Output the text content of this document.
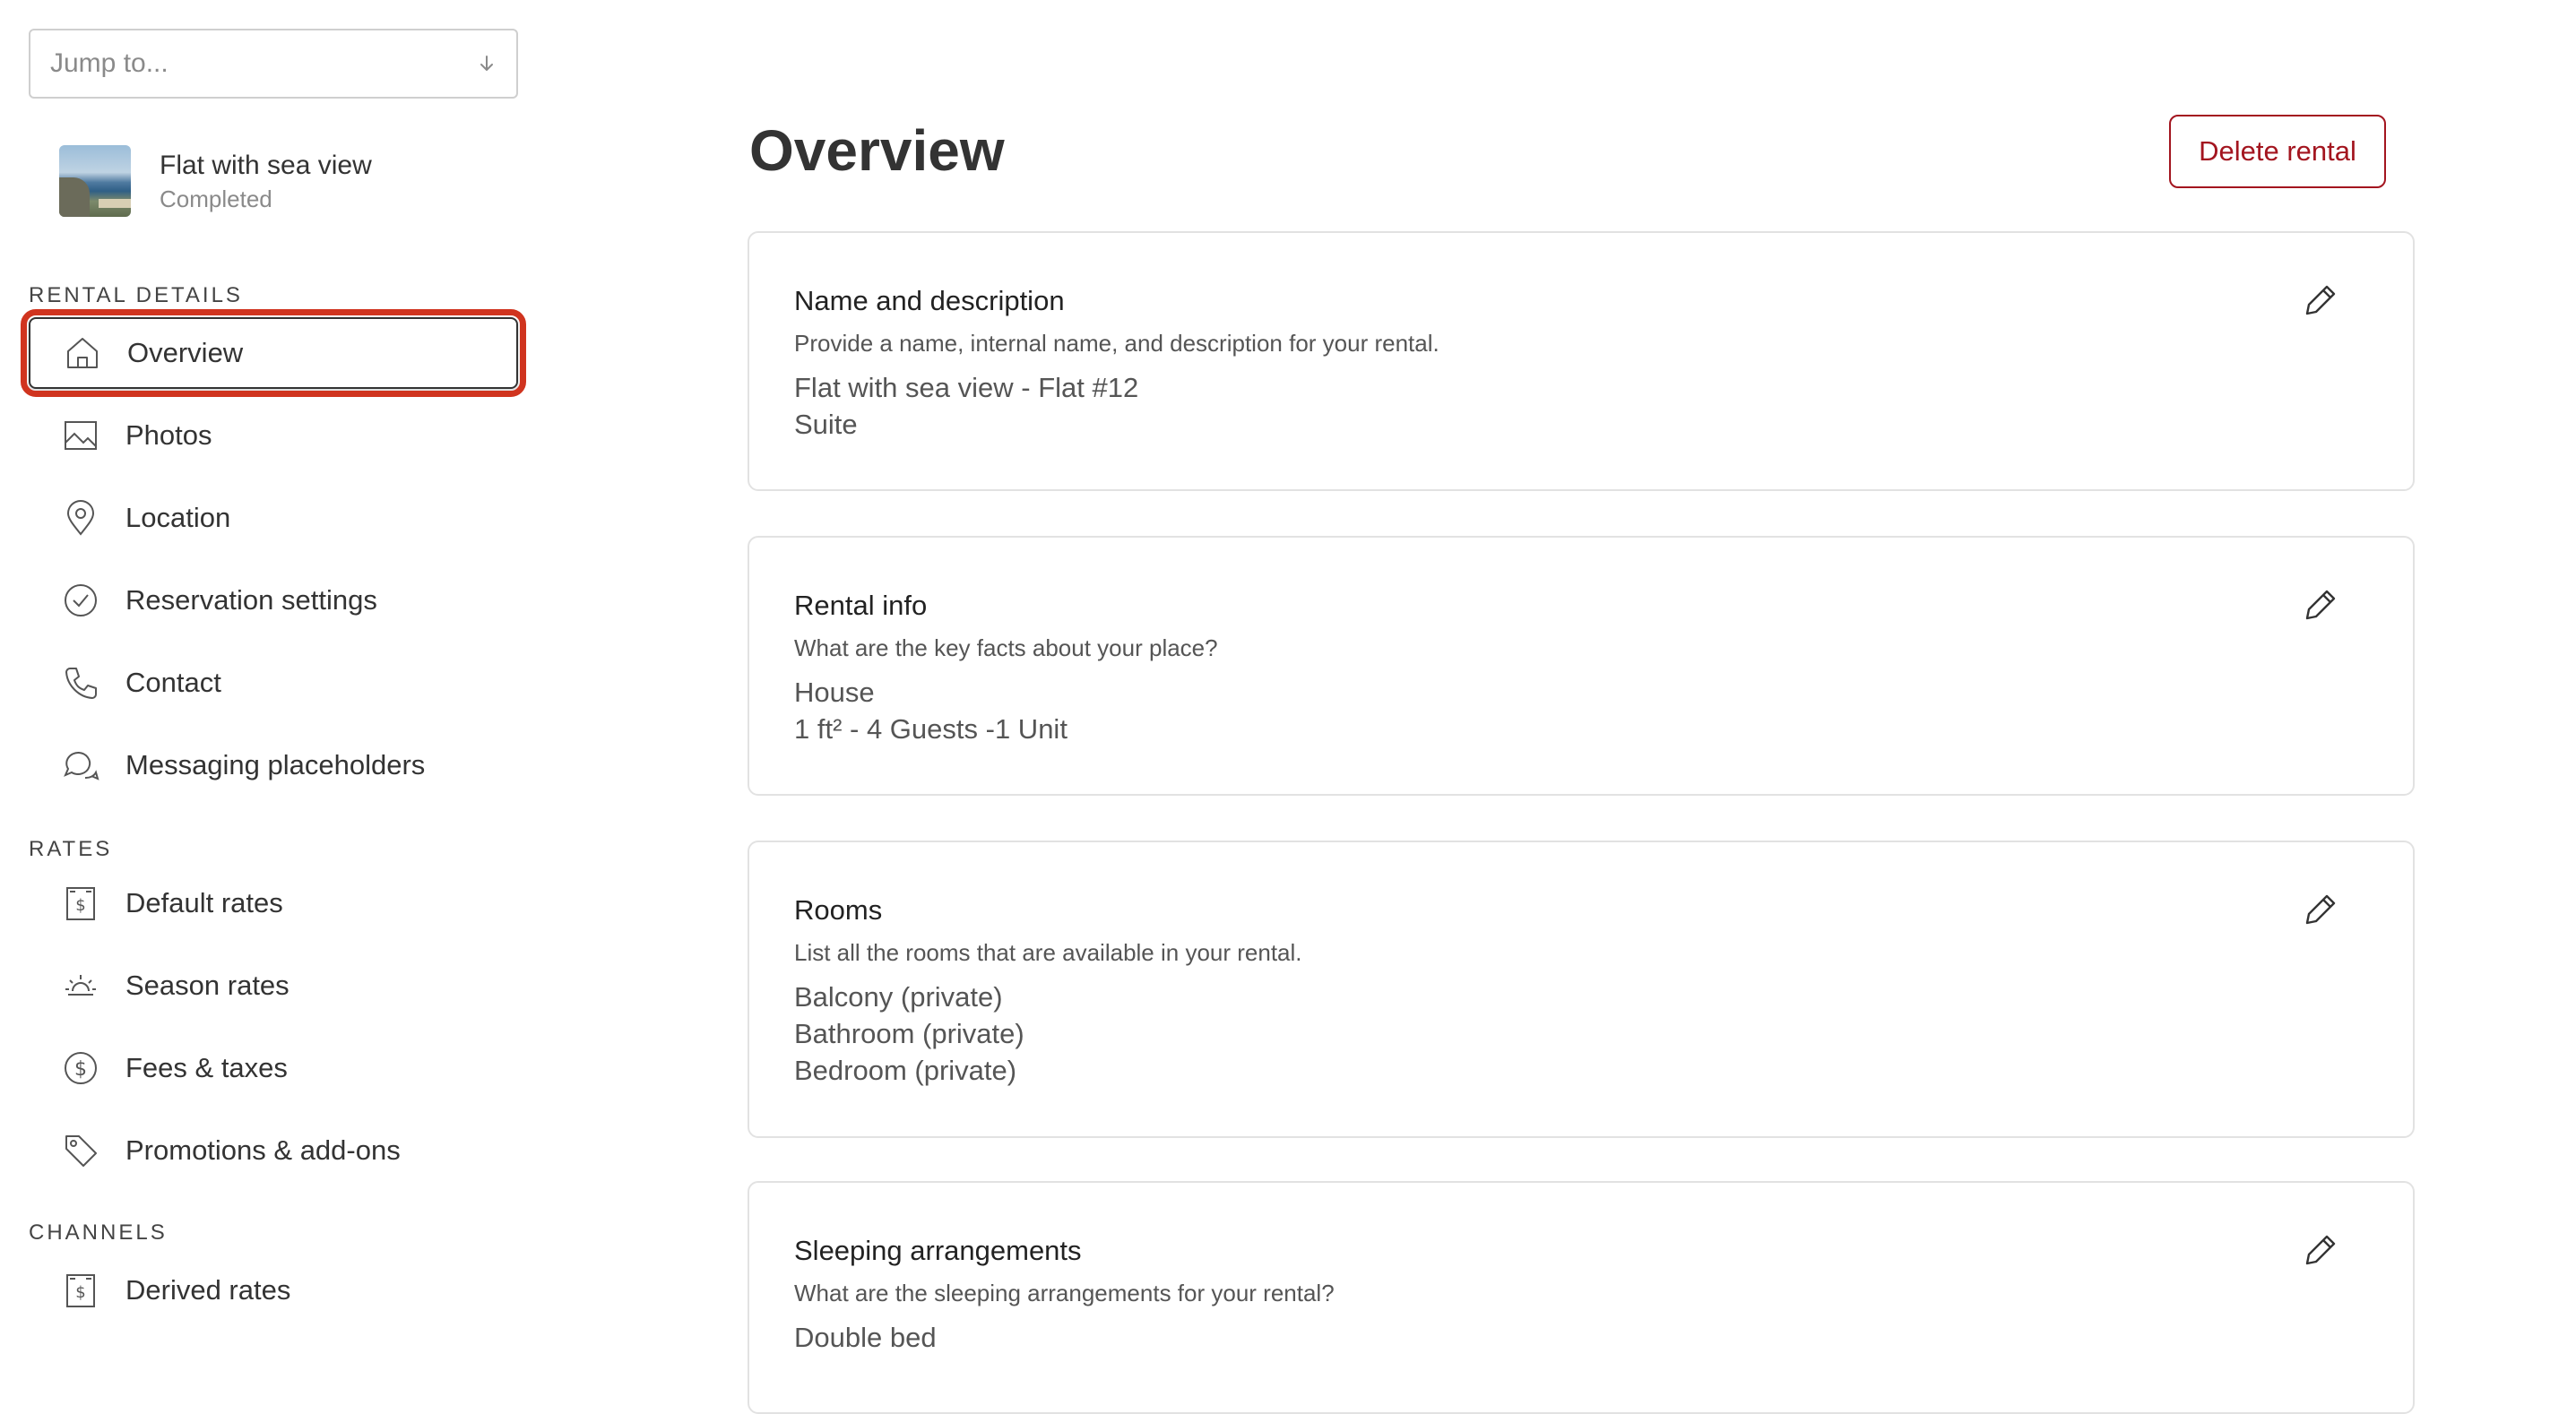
Jump to...
Flat with sea view
Completed
RENTAL DETAILS
Overview
Photos
Location
Reservation settings
Contact
Messaging placeholders
RATES
$ Default rates
Season rates
$ Fees & taxes
Promotions & add-ons
CHANNELS
$ Derived rates
Overview	Delete rental
Name and description
Provide a name, internal name, and description for your rental.
Flat with sea view - Flat #12
Suite
Rental info
What are the key facts about your place?
House
1 ft² - 4 Guests -1 Unit
Rooms
List all the rooms that are available in your rental.
Balcony (private)
Bathroom (private)
Bedroom (private)
Sleeping arrangements
What are the sleeping arrangements for your rental?
Double bed
